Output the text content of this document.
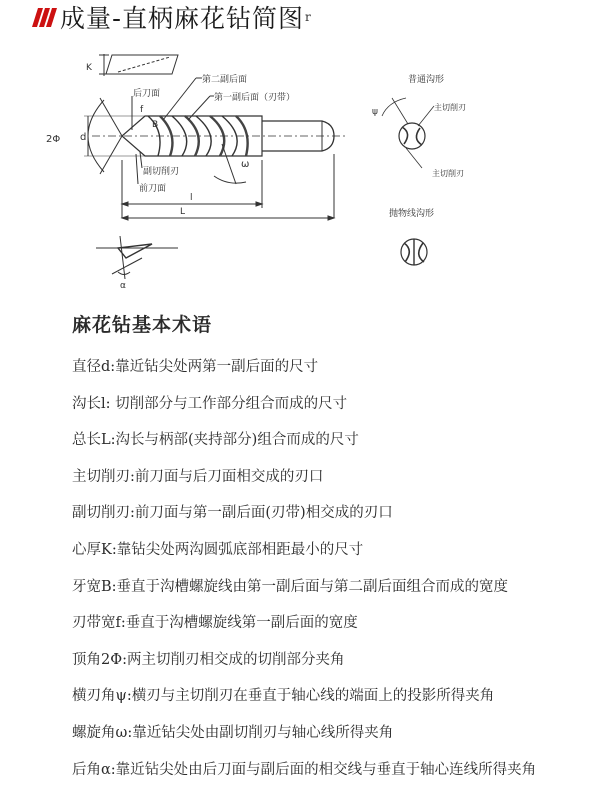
成量-直柄麻花钻简图 r
K
2Φ d
f
B
第二副后面
第一副后面（刃带）
后刀面
副切削刃
前刀面
ω
l
L
α
普通沟形
ψ	主切削刃
主切削刃
抛物线沟形
麻花钻基本术语
直径d:靠近钻尖处两第一副后面的尺寸
沟长l: 切削部分与工作部分组合而成的尺寸
总长L:沟长与柄部(夹持部分)组合而成的尺寸
主切削刃:前刀面与后刀面相交成的刃口
副切削刃:前刀面与第一副后面(刃带)相交成的刃口
心厚K:靠钻尖处两沟圆弧底部相距最小的尺寸
牙宽B:垂直于沟槽螺旋线由第一副后面与第二副后面组合而成的宽度
刃带宽f:垂直于沟槽螺旋线第一副后面的宽度
顶角2Φ:两主切削刃相交成的切削部分夹角
横刃角ψ:横刃与主切削刃在垂直于轴心线的端面上的投影所得夹角
螺旋角ω:靠近钻尖处由副切削刃与轴心线所得夹角
后角α:靠近钻尖处由后刀面与副后面的相交线与垂直于轴心连线所得夹角
